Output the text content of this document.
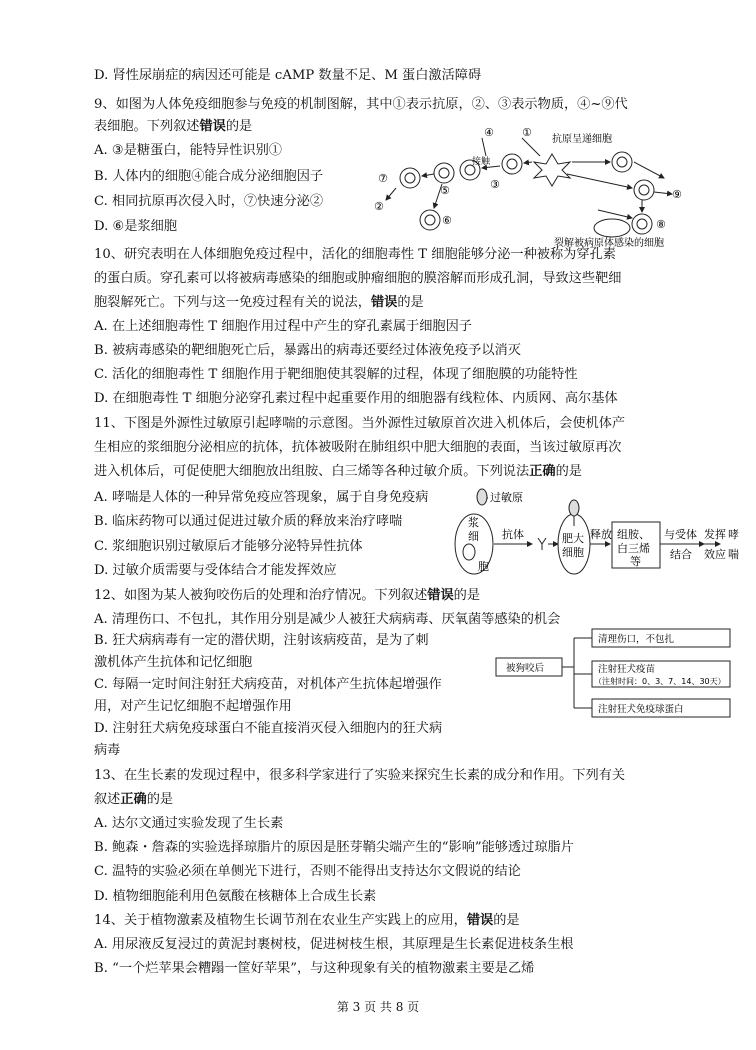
D. 肾性尿崩症的病因还可能是 cAMP 数量不足、M 蛋白激活障碍
9、如图为人体免疫细胞参与免疫的机制图解，其中①表示抗原，②、③表示物质，④~⑨代
表细胞。下列叙述错误的是
A. ③是糖蛋白，能特异性识别①
B. 人体内的细胞④能合成分泌细胞因子
C. 相同抗原再次侵入时，⑦快速分泌②
D. ⑥是浆细胞
抗原呈递细胞
接触
裂解被病原体感染的细胞
①
②
③
④
⑤
⑥
⑦
⑧
⑨
10、研究表明在人体细胞免疫过程中，活化的细胞毒性 T 细胞能够分泌一种被称为穿孔素
的蛋白质。穿孔素可以将被病毒感染的细胞或肿瘤细胞的膜溶解而形成孔洞，导致这些靶细
胞裂解死亡。下列与这一免疫过程有关的说法，错误的是
A. 在上述细胞毒性 T 细胞作用过程中产生的穿孔素属于细胞因子
B. 被病毒感染的靶细胞死亡后，暴露出的病毒还要经过体液免疫予以消灭
C. 活化的细胞毒性 T 细胞作用于靶细胞使其裂解的过程，体现了细胞膜的功能特性
D. 在细胞毒性 T 细胞分泌穿孔素过程中起重要作用的细胞器有线粒体、内质网、高尔基体
11、下图是外源性过敏原引起哮喘的示意图。当外源性过敏原首次进入机体后，会使机体产
生相应的浆细胞分泌相应的抗体，抗体被吸附在肺组织中肥大细胞的表面，当该过敏原再次
进入机体后，可促使肥大细胞放出组胺、白三烯等各种过敏介质。下列说法正确的是
A. 哮喘是人体的一种异常免疫应答现象，属于自身免疫病
B. 临床药物可以通过促进过敏介质的释放来治疗哮喘
C. 浆细胞识别过敏原后才能够分泌特异性抗体
D. 过敏介质需要与受体结合才能发挥效应
过敏原
浆
细
胞
抗体	肥大
细胞
释放 组胺、
白三烯
等
与受体
结合
发挥
效应
哮
喘
12、如图为某人被狗咬伤后的处理和治疗情况。下列叙述错误的是
A. 清理伤口、不包扎，其作用分别是减少人被狂犬病病毒、厌氧菌等感染的机会
B. 狂犬病病毒有一定的潜伏期，注射该病疫苗，是为了刺
激机体产生抗体和记忆细胞
C. 每隔一定时间注射狂犬病疫苗，对机体产生抗体起增强作
用，对产生记忆细胞不起增强作用
D. 注射狂犬病免疫球蛋白不能直接消灭侵入细胞内的狂犬病
病毒
被狗咬后
清理伤口，不包扎
注射狂犬疫苗
（注射时间：0、3、7、14、30天）
注射狂犬免疫球蛋白
13、在生长素的发现过程中，很多科学家进行了实验来探究生长素的成分和作用。下列有关
叙述正确的是
A. 达尔文通过实验发现了生长素
B. 鲍森・詹森的实验选择琼脂片的原因是胚芽鞘尖端产生的“影响”能够透过琼脂片
C. 温特的实验必须在单侧光下进行，否则不能得出支持达尔文假说的结论
D. 植物细胞能利用色氨酸在核糖体上合成生长素
14、关于植物激素及植物生长调节剂在农业生产实践上的应用，错误的是
A. 用尿液反复浸过的黄泥封裹树枝，促进树枝生根，其原理是生长素促进枝条生根
B. “一个烂苹果会糟蹋一筐好苹果”，与这种现象有关的植物激素主要是乙烯
第 3 页 共 8 页
